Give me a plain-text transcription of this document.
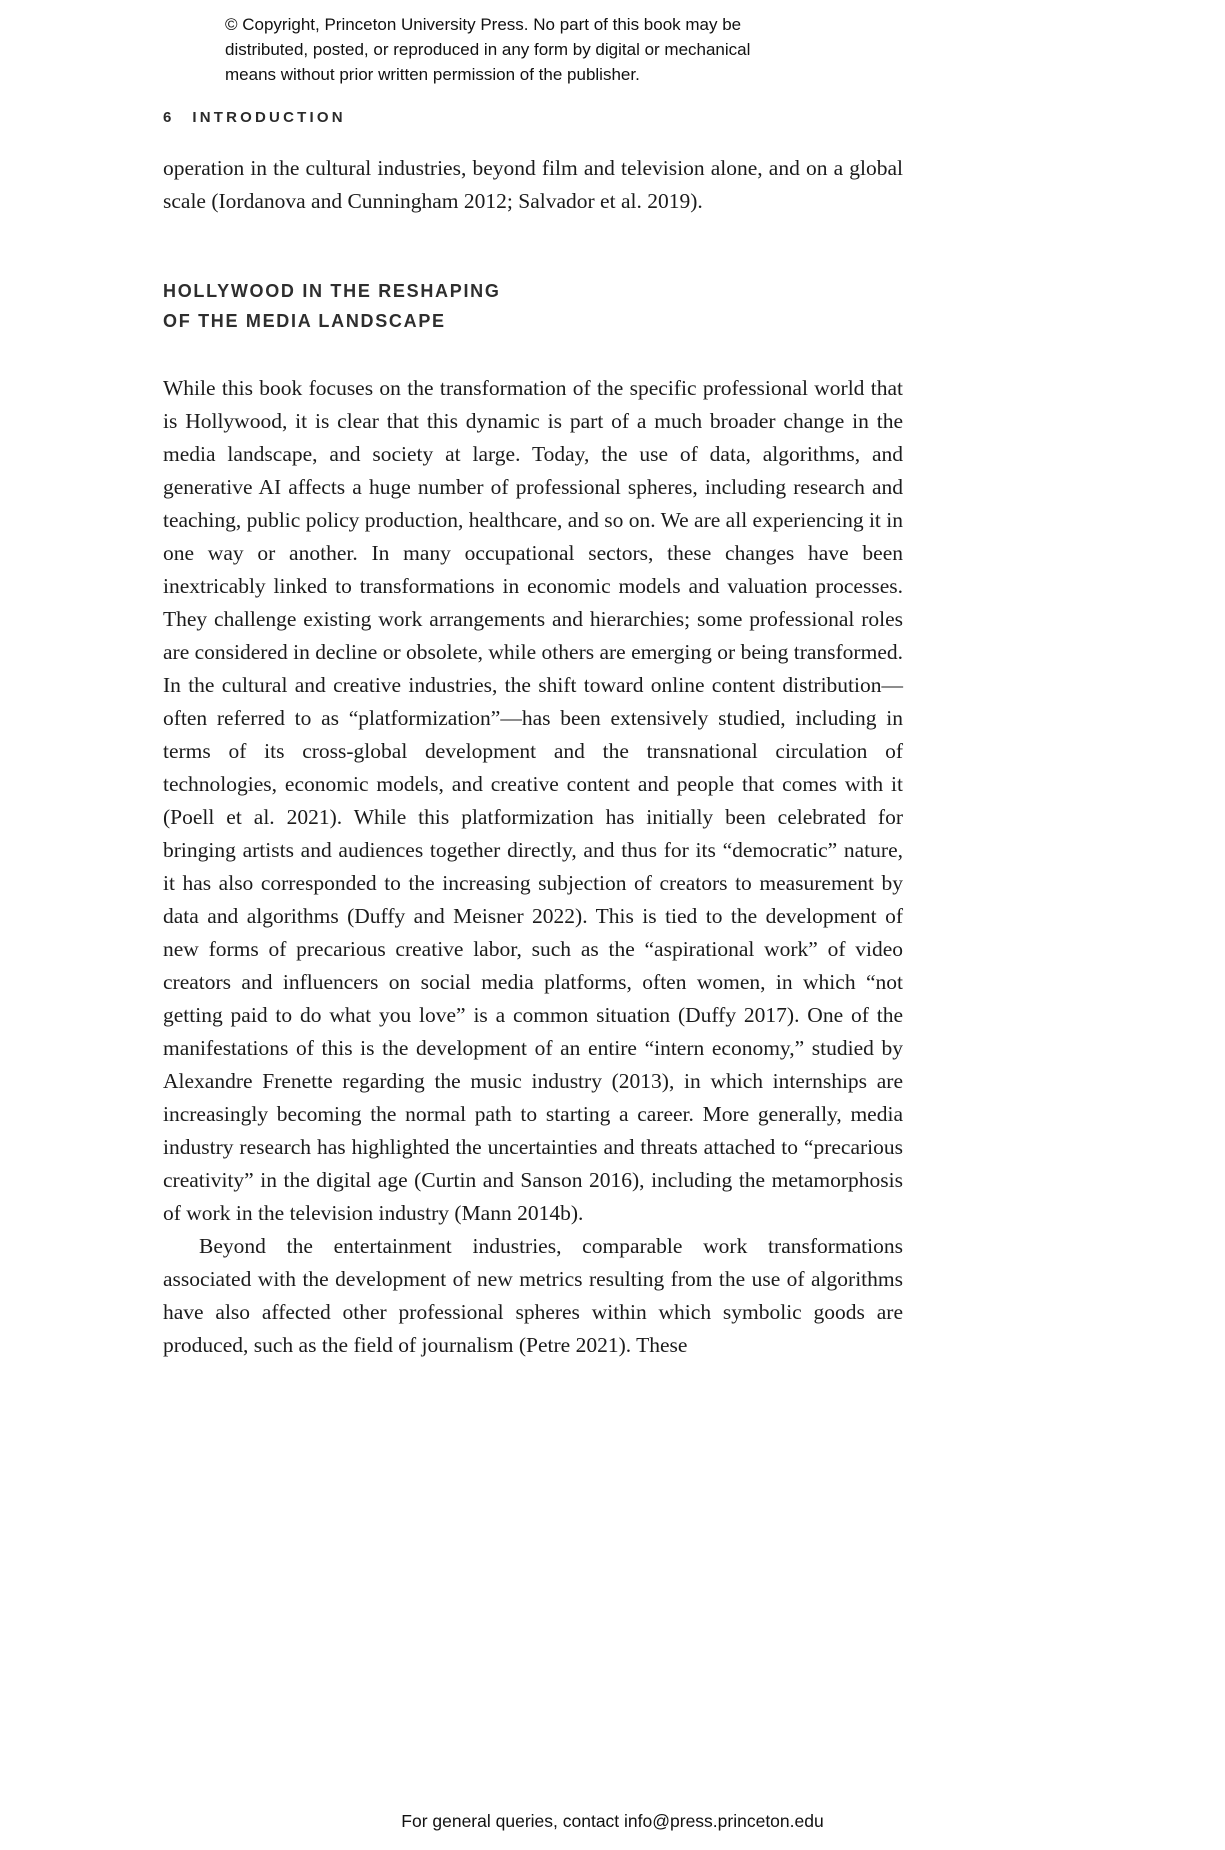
© Copyright, Princeton University Press. No part of this book may be
distributed, posted, or reproduced in any form by digital or mechanical
means without prior written permission of the publisher.
6 INTRODUCTION

operation in the cultural industries, beyond film and television alone, and on a global scale (Iordanova and Cunningham 2012; Salvador et al. 2019).

HOLLYWOOD IN THE RESHAPING
OF THE MEDIA LANDSCAPE

While this book focuses on the transformation of the specific professional world that is Hollywood, it is clear that this dynamic is part of a much broader change in the media landscape, and society at large. Today, the use of data, algorithms, and generative AI affects a huge number of professional spheres, including research and teaching, public policy production, healthcare, and so on. We are all experiencing it in one way or another. In many occupational sectors, these changes have been inextricably linked to transformations in economic models and valuation processes. They challenge existing work arrangements and hierarchies; some professional roles are considered in decline or obsolete, while others are emerging or being transformed. In the cultural and creative industries, the shift toward online content distribution—often referred to as “platformization”—has been extensively studied, including in terms of its cross-global development and the transnational circulation of technologies, economic models, and creative content and people that comes with it (Poell et al. 2021). While this platformization has initially been celebrated for bringing artists and audiences together directly, and thus for its “democratic” nature, it has also corresponded to the increasing subjection of creators to measurement by data and algorithms (Duffy and Meisner 2022). This is tied to the development of new forms of precarious creative labor, such as the “aspirational work” of video creators and influencers on social media platforms, often women, in which “not getting paid to do what you love” is a common situation (Duffy 2017). One of the manifestations of this is the development of an entire “intern economy,” studied by Alexandre Frenette regarding the music industry (2013), in which internships are increasingly becoming the normal path to starting a career. More generally, media industry research has highlighted the uncertainties and threats attached to “precarious creativity” in the digital age (Curtin and Sanson 2016), including the metamorphosis of work in the television industry (Mann 2014b).

Beyond the entertainment industries, comparable work transformations associated with the development of new metrics resulting from the use of algorithms have also affected other professional spheres within which symbolic goods are produced, such as the field of journalism (Petre 2021). These

For general queries, contact info@press.princeton.edu
